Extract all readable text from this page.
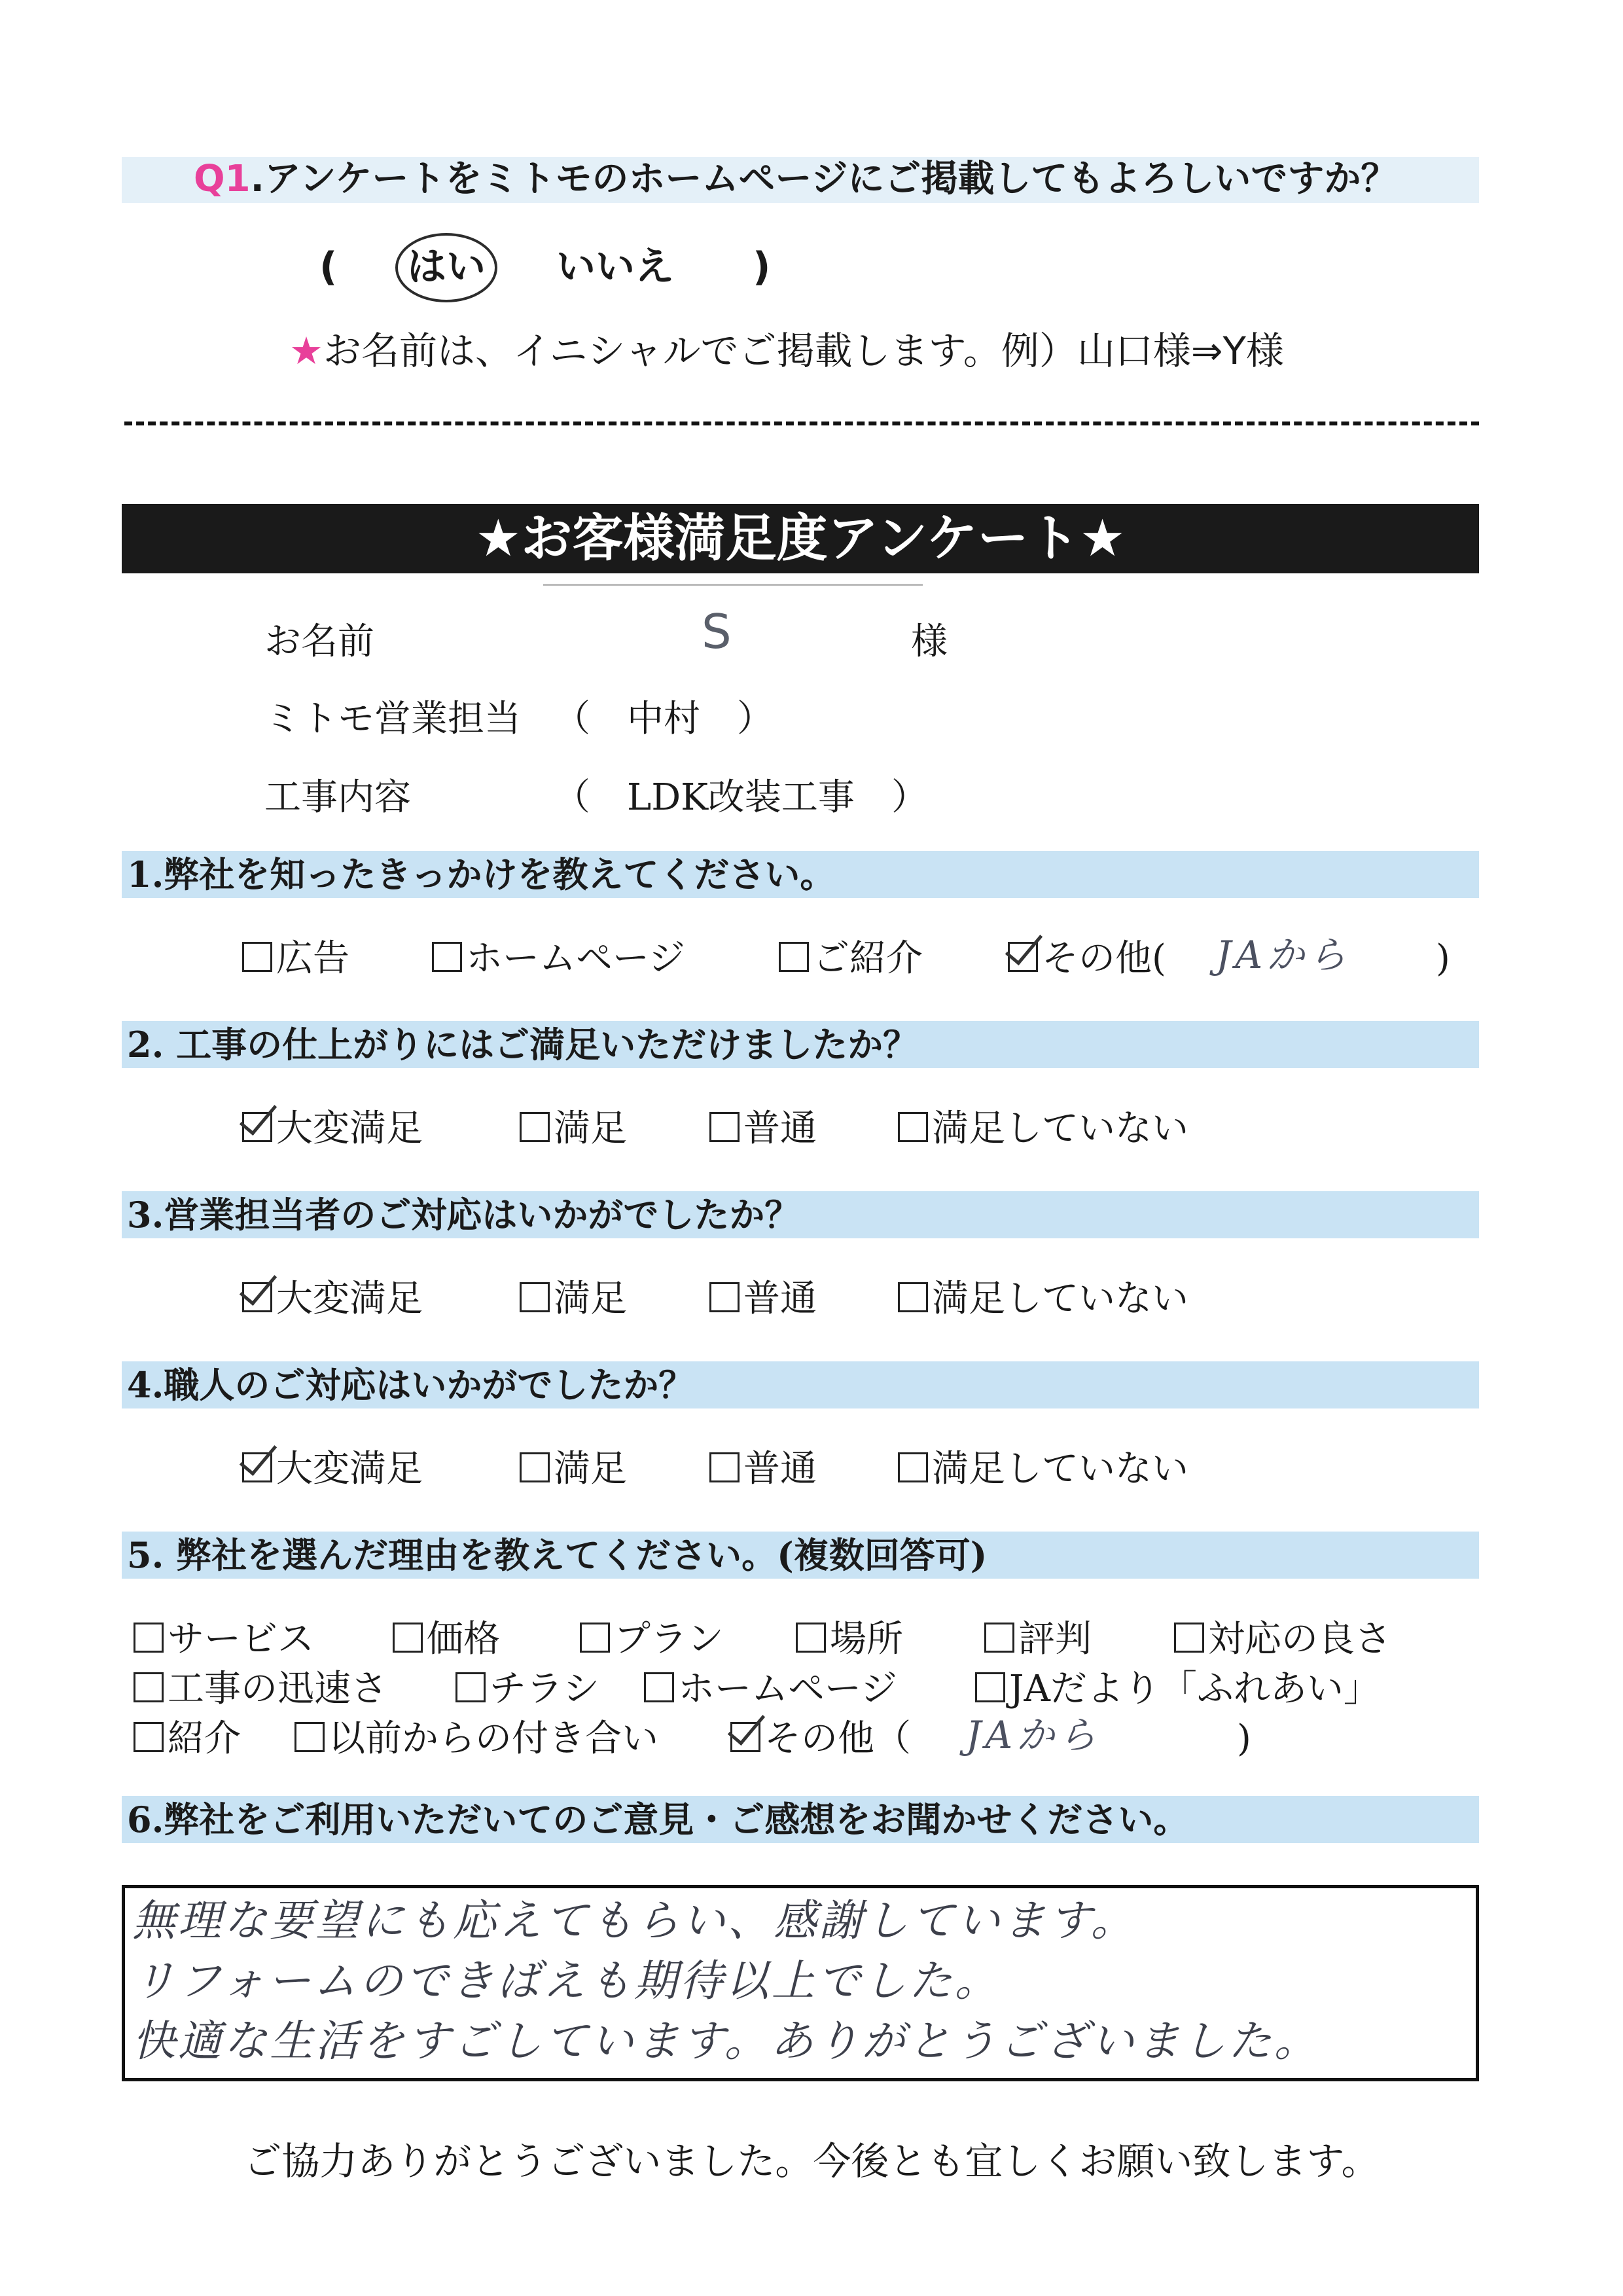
Q1.アンケートをミトモのホームページにご掲載してもよろしいですか？
( はい いいえ )
★お名前は、イニシャルでご掲載します。例）山口様⇒Y様
★お客様満足度アンケート★
お名前	S	様
ミトモ営業担当 （　中村　）
工事内容	（　LDK改装工事　）
1.弊社を知ったきっかけを教えてください。
広告	ホームページ	ご紹介	その他( JAから )
2. 工事の仕上がりにはご満足いただけましたか？
大変満足	満足	普通	満足していない
3.営業担当者のご対応はいかがでしたか？
大変満足	満足	普通	満足していない
4.職人のご対応はいかがでしたか？
大変満足	満足	普通	満足していない
5. 弊社を選んだ理由を教えてください。(複数回答可)
サービス	価格	プラン	場所	評判	対応の良さ
工事の迅速さ	チラシ	ホームページ	JAだより「ふれあい」
紹介	以前からの付き合い	その他（ JAから	)
6.弊社をご利用いただいてのご意見・ご感想をお聞かせください。
無理な要望にも応えてもらい、感謝しています。
リフォームのできばえも期待以上でした。
快適な生活をすごしています。ありがとうございました。
ご協力ありがとうございました。今後とも宜しくお願い致します。
